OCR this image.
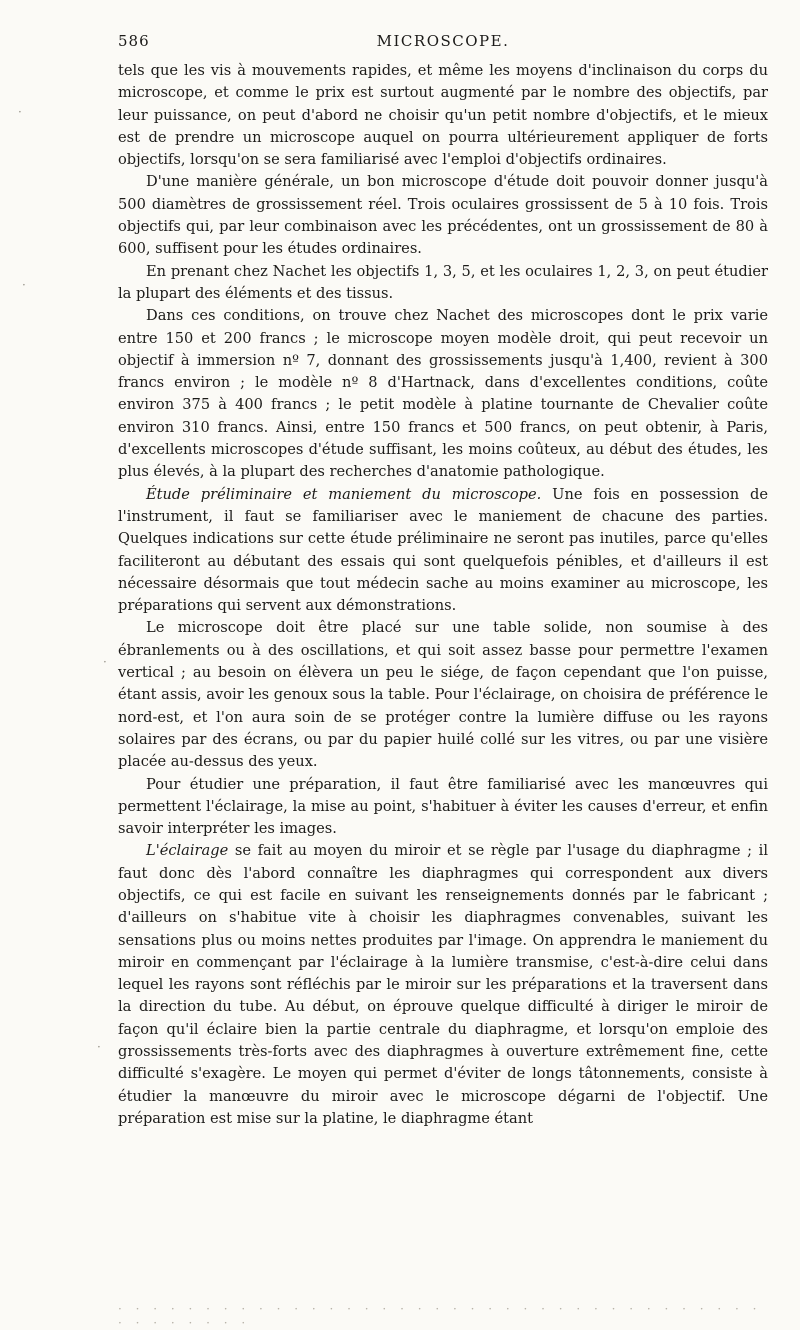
586	MICROSCOPE.
·
·
·
·

tels que les vis à mouvements rapides, et même les moyens d'inclinaison du corps du microscope, et comme le prix est surtout augmenté par le nombre des objectifs, par leur puissance, on peut d'abord ne choisir qu'un petit nombre d'objectifs, et le mieux est de prendre un microscope auquel on pourra ultérieurement appliquer de forts objectifs, lorsqu'on se sera familiarisé avec l'emploi d'objectifs ordinaires.

D'une manière générale, un bon microscope d'étude doit pouvoir donner jusqu'à 500 diamètres de grossissement réel. Trois oculaires grossissent de 5 à 10 fois. Trois objectifs qui, par leur combinaison avec les précédentes, ont un grossissement de 80 à 600, suffisent pour les études ordinaires.

En prenant chez Nachet les objectifs 1, 3, 5, et les oculaires 1, 2, 3, on peut étudier la plupart des éléments et des tissus.

Dans ces conditions, on trouve chez Nachet des microscopes dont le prix varie entre 150 et 200 francs ; le microscope moyen modèle droit, qui peut recevoir un objectif à immersion nº 7, donnant des grossissements jusqu'à 1,400, revient à 300 francs environ ; le modèle nº 8 d'Hartnack, dans d'excellentes conditions, coûte environ 375 à 400 francs ; le petit modèle à platine tournante de Chevalier coûte environ 310 francs. Ainsi, entre 150 francs et 500 francs, on peut obtenir, à Paris, d'excellents microscopes d'étude suffisant, les moins coûteux, au début des études, les plus élevés, à la plupart des recherches d'anatomie pathologique.

Étude préliminaire et maniement du microscope. Une fois en possession de l'instrument, il faut se familiariser avec le maniement de chacune des parties. Quelques indications sur cette étude préliminaire ne seront pas inutiles, parce qu'elles faciliteront au débutant des essais qui sont quelquefois pénibles, et d'ailleurs il est nécessaire désormais que tout médecin sache au moins examiner au microscope, les préparations qui servent aux démonstrations.

Le microscope doit être placé sur une table solide, non soumise à des ébranlements ou à des oscillations, et qui soit assez basse pour permettre l'examen vertical ; au besoin on élèvera un peu le siége, de façon cependant que l'on puisse, étant assis, avoir les genoux sous la table. Pour l'éclairage, on choisira de préférence le nord-est, et l'on aura soin de se protéger contre la lumière diffuse ou les rayons solaires par des écrans, ou par du papier huilé collé sur les vitres, ou par une visière placée au-dessus des yeux.

Pour étudier une préparation, il faut être familiarisé avec les manœuvres qui permettent l'éclairage, la mise au point, s'habituer à éviter les causes d'erreur, et enfin savoir interpréter les images.

L'éclairage se fait au moyen du miroir et se règle par l'usage du diaphragme ; il faut donc dès l'abord connaître les diaphragmes qui correspondent aux divers objectifs, ce qui est facile en suivant les renseignements donnés par le fabricant ; d'ailleurs on s'habitue vite à choisir les diaphragmes convenables, suivant les sensations plus ou moins nettes produites par l'image. On apprendra le maniement du miroir en commençant par l'éclairage à la lumière transmise, c'est-à-dire celui dans lequel les rayons sont réfléchis par le miroir sur les préparations et la traversent dans la direction du tube. Au début, on éprouve quelque difficulté à diriger le miroir de façon qu'il éclaire bien la partie centrale du diaphragme, et lorsqu'on emploie des grossissements très-forts avec des diaphragmes à ouverture extrêmement fine, cette difficulté s'exagère. Le moyen qui permet d'éviter de longs tâtonnements, consiste à étudier la manœuvre du miroir avec le microscope dégarni de l'objectif. Une préparation est mise sur la platine, le diaphragme étant

· · · · · · · · · · · · · · · · · · · · · · · · · · · · · · · · · · · · · · · · · · · · ·
